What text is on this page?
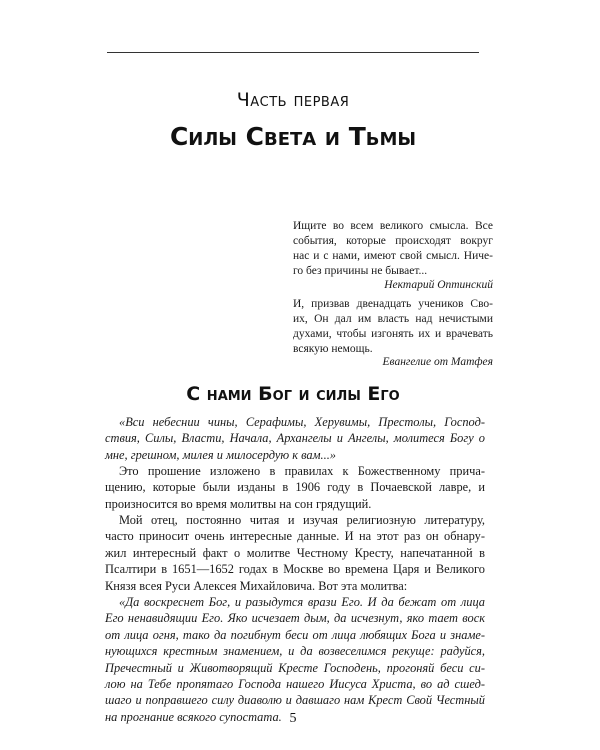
Часть первая
Силы Света и Тьмы
Ищите во всем великого смысла. Все
события, которые происходят вокруг
нас и с нами, имеют свой смысл. Ниче-
го без причины не бывает...
Нектарий Оптинский
И, призвав двенадцать учеников Сво-
их, Он дал им власть над нечистыми
духами, чтобы изгонять их и врачевать
всякую немощь.
Евангелие от Матфея
С нами Бог и силы Его
«Вси небеснии чины, Серафимы, Херувимы, Престолы, Господ-
ствия, Силы, Власти, Начала, Архангелы и Ангелы, молитеся Богу о
мне, грешном, милея и милосердую к вам...»
Это прошение изложено в правилах к Божественному прича-
щению, которые были изданы в 1906 году в Почаевской лавре, и
произносится во время молитвы на сон грядущий.
Мой отец, постоянно читая и изучая религиозную литературу,
часто приносит очень интересные данные. И на этот раз он обнару-
жил интересный факт о молитве Честному Кресту, напечатанной в
Псалтири в 1651—1652 годах в Москве во времена Царя и Великого
Князя всея Руси Алексея Михайловича. Вот эта молитва:
«Да воскреснет Бог, и разыдутся врази Его. И да бежат от лица
Его ненавидящии Его. Яко исчезает дым, да исчезнут, яко тает воск
от лица огня, тако да погибнут беси от лица любящих Бога и знаме-
нующихся крестным знамением, и да возвеселимся рекуще: радуйся,
Пречестный и Животворящий Кресте Господень, прогоняй беси си-
лою на Тебе пропятаго Господа нашего Иисуса Христа, во ад сшед-
шаго и поправшего силу диаволю и давшаго нам Крест Свой Честный
на прогнание всякого супостата. 5
